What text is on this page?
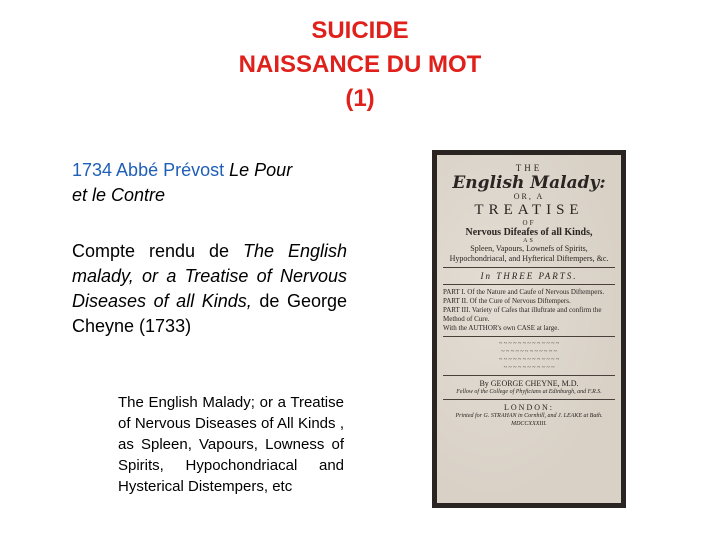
SUICIDE
NAISSANCE DU MOT
(1)
1734 Abbé Prévost Le Pour
et le Contre
Compte rendu de The English malady, or a Treatise of Nervous Diseases of all Kinds, de George Cheyne (1733)
The English Malady; or a Treatise of Nervous Diseases of All Kinds , as Spleen, Vapours, Lowness of Spirits, Hypochondriacal and Hysterical Distempers, etc
THE
English Malady:
OR, A
TREATISE
OF
Nervous Difeafes of all Kinds,
AS
Spleen, Vapours, Lownefs of Spirits, Hypochondriacal, and Hyfterical Diftempers, &c.
In THREE PARTS.
PART I. Of the Nature and Caufe of Nervous Diftempers.
PART II. Of the Cure of Nervous Diftempers.
PART III. Variety of Cafes that illuftrate and confirm the Method of Cure.
With the AUTHOR's own CASE at large.
~ ~ ~ ~ ~ ~ ~ ~ ~ ~ ~ ~ ~
~ ~ ~ ~ ~ ~ ~ ~ ~ ~ ~ ~
~ ~ ~ ~ ~ ~ ~ ~ ~ ~ ~ ~ ~
~ ~ ~ ~ ~ ~ ~ ~ ~ ~ ~
By GEORGE CHEYNE, M.D.
Fellow of the College of Phyficians at Edinburgh, and F.R.S.
LONDON:
Printed for G. STRAHAN in Cornhill, and J. LEAKE at Bath. MDCCXXXIII.
